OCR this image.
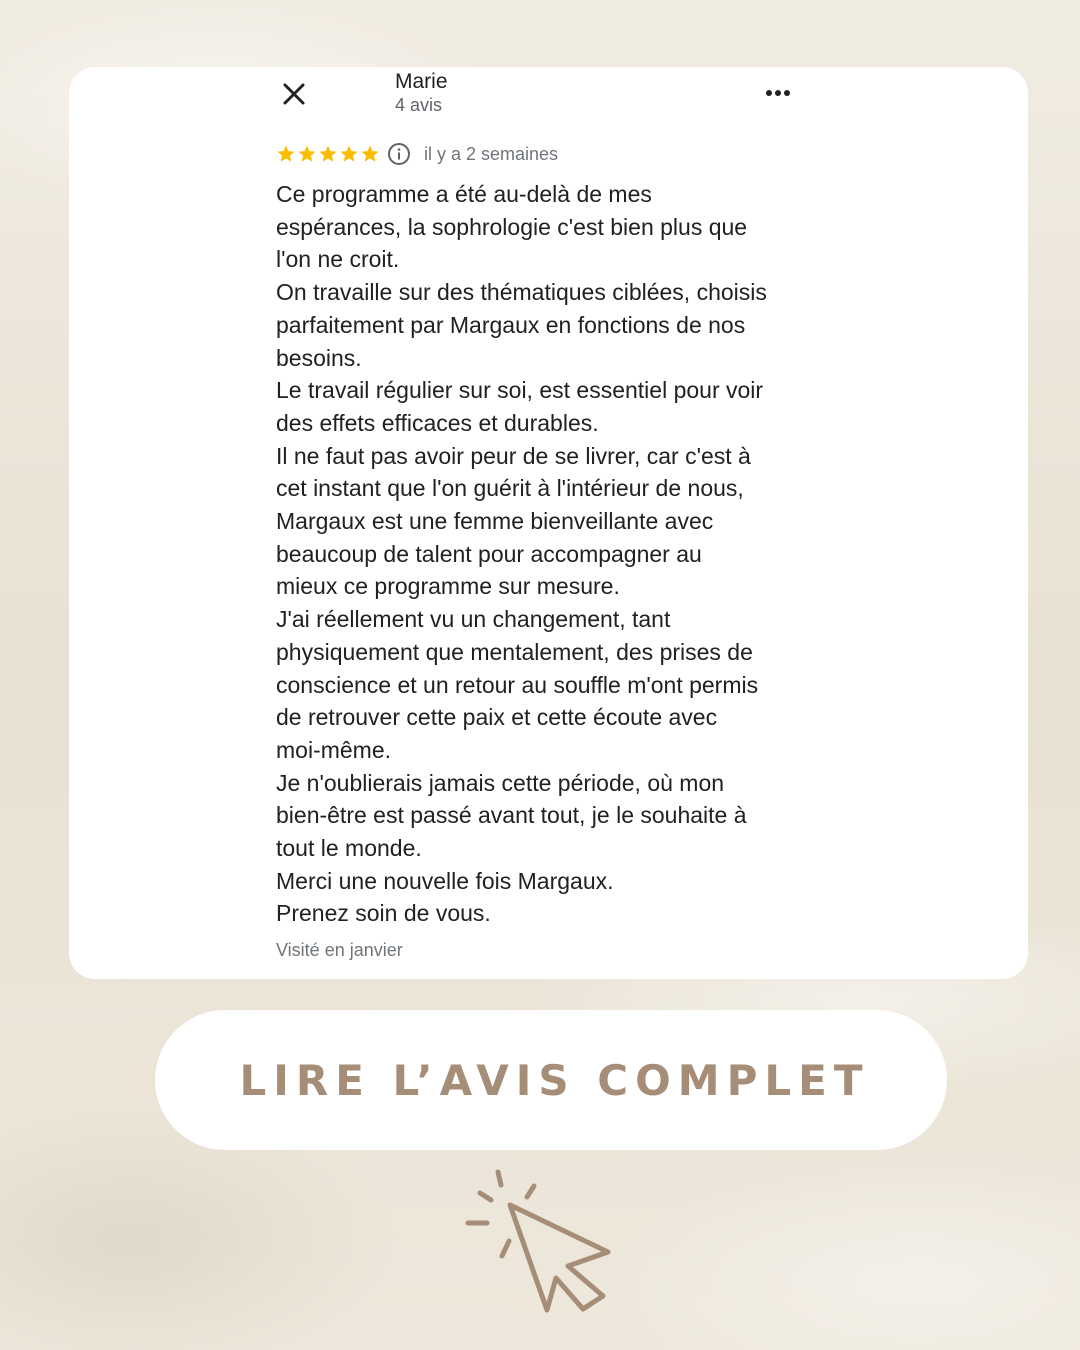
Marie
4 avis
il y a 2 semaines
Ce programme a été au-delà de mes
espérances, la sophrologie c'est bien plus que
l'on ne croit.
On travaille sur des thématiques ciblées, choisis
parfaitement par Margaux en fonctions de nos
besoins.
Le travail régulier sur soi, est essentiel pour voir
des effets efficaces et durables.
Il ne faut pas avoir peur de se livrer, car c'est à
cet instant que l'on guérit à l'intérieur de nous,
Margaux est une femme bienveillante avec
beaucoup de talent pour accompagner au
mieux ce programme sur mesure.
J'ai réellement vu un changement, tant
physiquement que mentalement, des prises de
conscience et un retour au souffle m'ont permis
de retrouver cette paix et cette écoute avec
moi-même.
Je n'oublierais jamais cette période, où mon
bien-être est passé avant tout, je le souhaite à
tout le monde.
Merci une nouvelle fois Margaux.
Prenez soin de vous.
Visité en janvier
LIRE L’AVIS COMPLET
